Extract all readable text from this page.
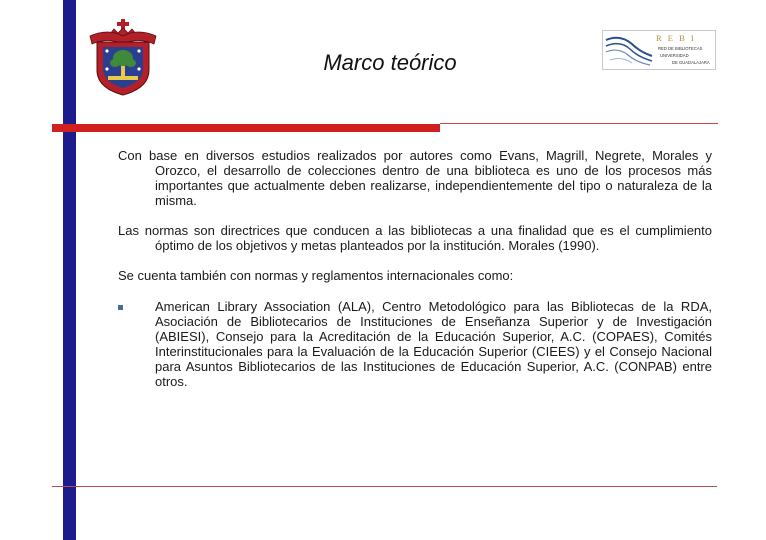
R E B I
RED DE BIBLIOTECAS
UNIVERSIDAD
DE GUADALAJARA
Marco teórico

Con base en diversos estudios realizados por autores como Evans, Magrill, Negrete, Morales y Orozco, el desarrollo de colecciones dentro de una biblioteca es uno de los procesos más importantes que actualmente deben realizarse, independientemente del tipo o naturaleza de la misma.

Las normas son directrices que conducen a las bibliotecas a una finalidad que es el cumplimiento óptimo de los objetivos y metas planteados por la institución. Morales (1990).

Se cuenta también con normas y reglamentos internacionales como:

American Library Association (ALA), Centro Metodológico para las Bibliotecas de la RDA, Asociación de Bibliotecarios de Instituciones de Enseñanza Superior y de Investigación (ABIESI), Consejo para la Acreditación de la Educación Superior, A.C. (COPAES), Comités Interinstitucionales para la Evaluación de la Educación Superior (CIEES) y el Consejo Nacional para Asuntos Bibliotecarios de las Instituciones de Educación Superior, A.C. (CONPAB) entre otros.
